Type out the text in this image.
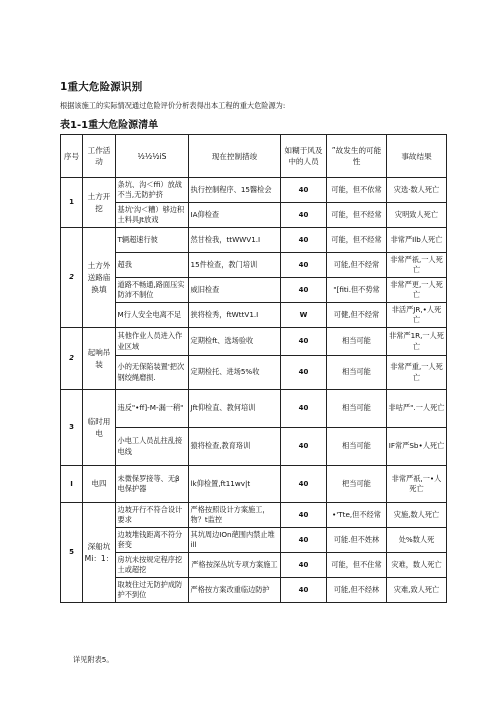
1重大危险源识别
根据该施工的实际情况通过危险评价分析表得出本工程的重大危险源为:
表1-1重大危险源清单
序号	工作活动	½½½iS	现在控制措竣	如糊于风及中的人员	”故发生的可能性	事故结果
1	土方开挖	条坑、沟＜ffi）放战不当,无防护挤	执行控制程序、15醫检会	40	可能，但不依常	灾选·数人死亡
		基坑'沟＜糟）够边积土料具Jt放戏	IA仰检查	40	可能，但不经常	灾明致人死亡
2	土方外送路庙换填	T辆超速行彼	然甘检我，ttWWV1.I	40	可能，但不经常	非常严Ilb人死亡
		超我	15件检查，教门培训	40	可能,但不经常	非常严祇,一人死亡
		道路不畅通,路面压实防沛不制位	威旧检查	40	"[fiti.但不势常	非常严更,一人死亡
		M行人安全电离不足	狭将检秀，ftWttV1.I	W	可健,但不经常	非活严JR,•人死亡
2	起响吊装	其他作业人员进入作业区域	定期检ft、选场验收	40	相当可能	非常严1R,一人死亡
		小的无保陷装置'把次钢绞绳磨损.	定期检托、进场5%收	40	相当可能	非常严重,一人死亡
3	临时用电	违反"•ff]-M-漏一稍"	Jft仰检直、教何培训	40	相当可能	非咕严".一人死亡
		小电工人员乩拄乱接电线	猿将检查,教育珞训	40	相当可能	IF常严Sb•人死亡
I	电四	未微保罗接等、无β电保护器	lk仰检置,ft11wv|t	40	杷当可能	非常严祇,一•人死亡
5	深船坑Mi：1：	边坡开行不符合设计要求	严格按照设计方案施工，物？t监控	40	•'Tte,但不经常	灾施,数人死亡
		边坡堆钱距离不符分套变	其坑周边IOn葩围内禁止堆ill	40	可能.但不姓林	处%数人死
		房坑未按规定程序挖土或超挖	严格按深丛坑专项方案施工	40	可能，但不住常	灾难，数人死亡
		取坡住过无防护成防护不到位	严格按方案改重临边防护	40	可能,但不经林	灾难,致人死亡
详见附表5。
